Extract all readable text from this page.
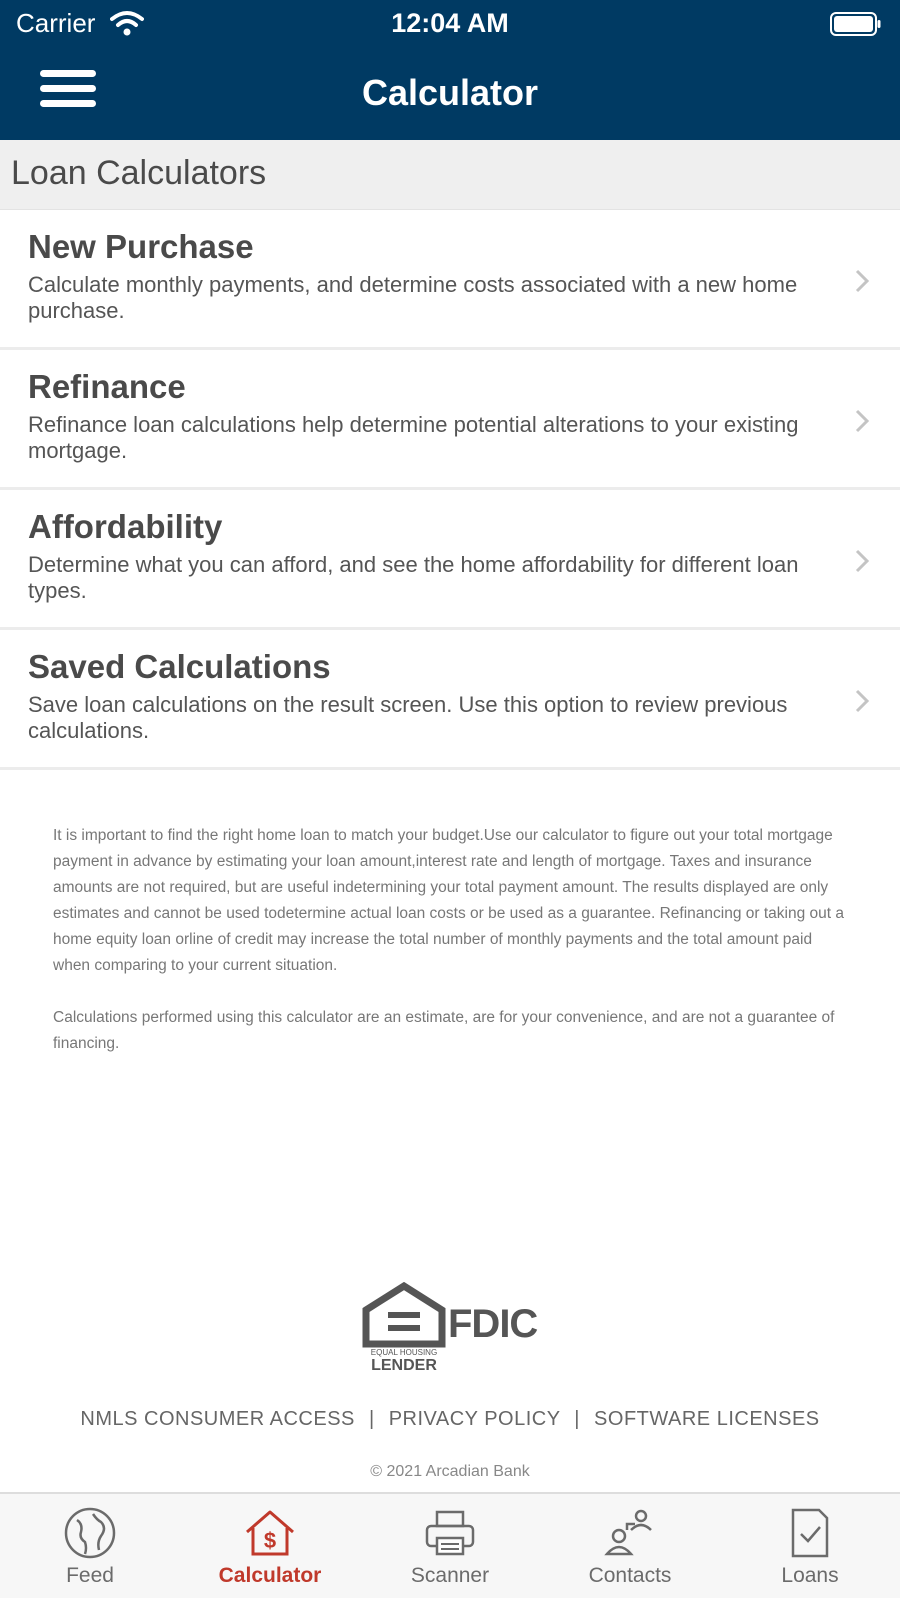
Carrier	12:04 AM
Calculator
Loan Calculators
New Purchase
Calculate monthly payments, and determine costs associated with a new home purchase.
Refinance
Refinance loan calculations help determine potential alterations to your existing mortgage.
Affordability
Determine what you can afford, and see the home affordability for different loan types.
Saved Calculations
Save loan calculations on the result screen. Use this option to review previous calculations.

It is important to find the right home loan to match your budget.Use our calculator to figure out your total mortgage payment in advance by estimating your loan amount,interest rate and length of mortgage. Taxes and insurance amounts are not required, but are useful indetermining your total payment amount. The results displayed are only estimates and cannot be used todetermine actual loan costs or be used as a guarantee. Refinancing or taking out a home equity loan orline of credit may increase the total number of monthly payments and the total amount paid when comparing to your current situation.

Calculations performed using this calculator are an estimate, are for your convenience, and are not a guarantee of financing.

EQUAL HOUSING
LENDER
FDIC
NMLS CONSUMER ACCESS | PRIVACY POLICY | SOFTWARE LICENSES
© 2021 Arcadian Bank
Feed
$
Calculator	Scanner	Contacts	Loans
